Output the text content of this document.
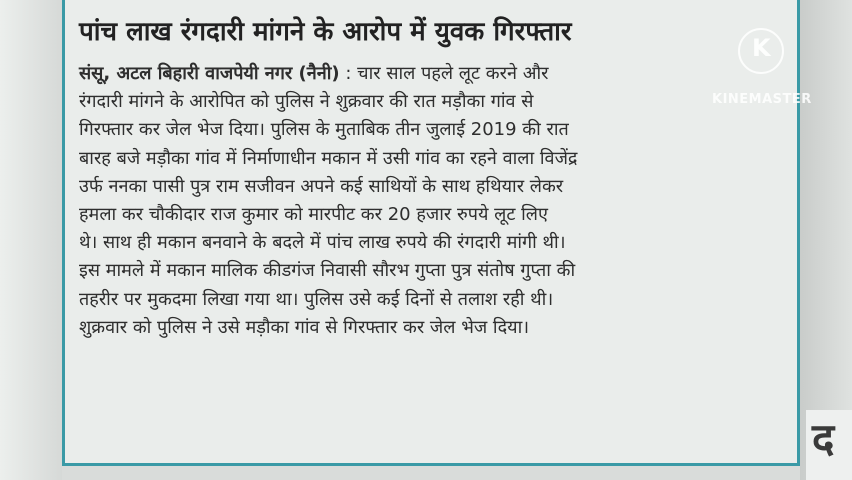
द
पांच लाख रंगदारी मांगने के आरोप में युवक गिरफ्तार
संसू, अटल बिहारी वाजपेयी नगर (नैनी) : चार साल पहले लूट करने और
रंगदारी मांगने के आरोपित को पुलिस ने शुक्रवार की रात मड़ौका गांव से
गिरफ्तार कर जेल भेज दिया। पुलिस के मुताबिक तीन जुलाई 2019 की रात
बारह बजे मड़ौका गांव में निर्माणाधीन मकान में उसी गांव का रहने वाला विजेंद्र
उर्फ ननका पासी पुत्र राम सजीवन अपने कई साथियों के साथ हथियार लेकर
हमला कर चौकीदार राज कुमार को मारपीट कर 20 हजार रुपये लूट लिए
थे। साथ ही मकान बनवाने के बदले में पांच लाख रुपये की रंगदारी मांगी थी।
इस मामले में मकान मालिक कीडगंज निवासी सौरभ गुप्ता पुत्र संतोष गुप्ता की
तहरीर पर मुकदमा लिखा गया था। पुलिस उसे कई दिनों से तलाश रही थी।
शुक्रवार को पुलिस ने उसे मड़ौका गांव से गिरफ्तार कर जेल भेज दिया।
K
KINEMASTER
